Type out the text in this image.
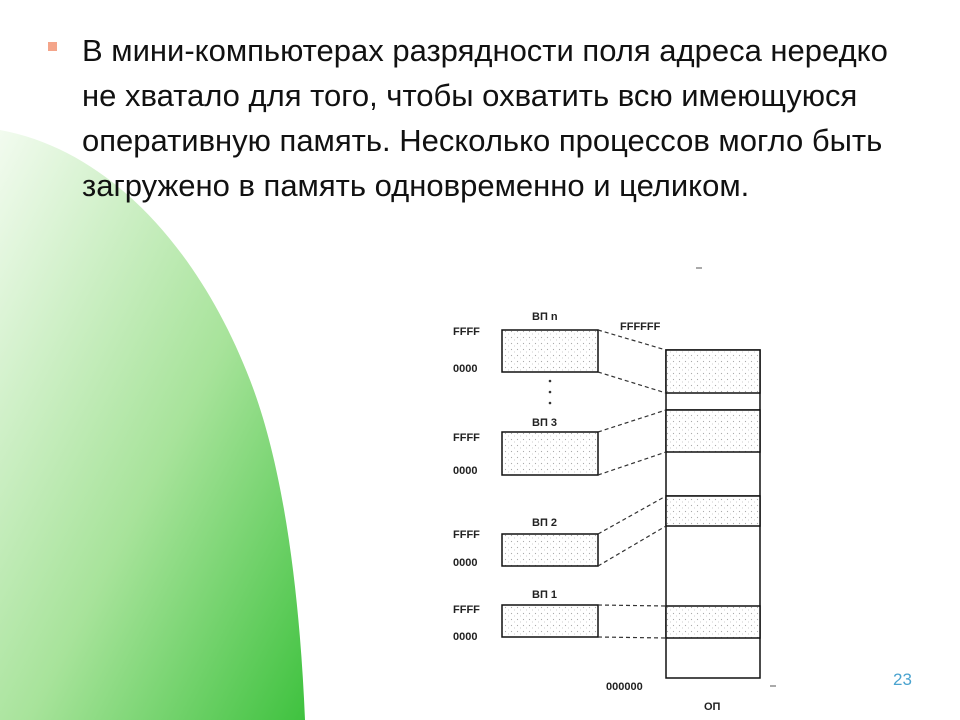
В мини-компьютерах разрядности поля адреса нередко не хватало для того, чтобы охватить всю имеющуюся оперативную память. Несколько процессов могло быть загружено в память одновременно и целиком.
ВП n
FFFF
0000
ВП 3
FFFF
0000
ВП 2
FFFF
0000
ВП 1
FFFF
0000
FFFFFF
000000
ОП
23
